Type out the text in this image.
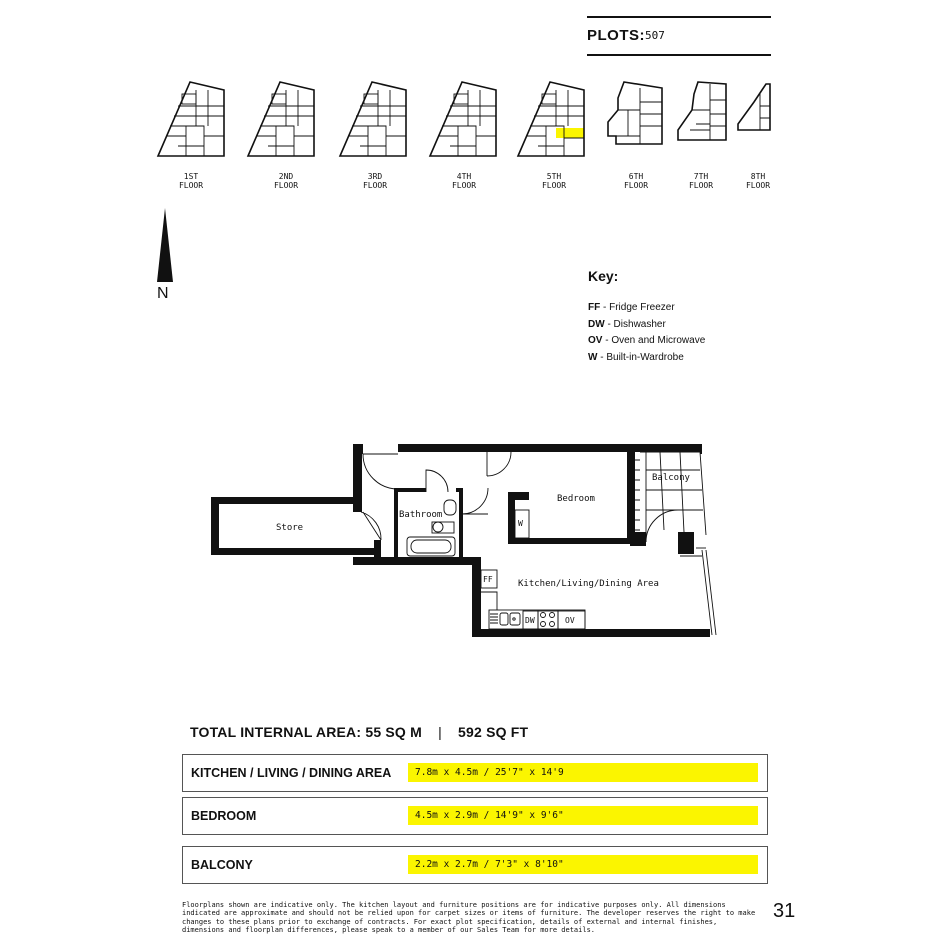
PLOTS: 507
1ST
FLOOR
2ND
FLOOR
3RD
FLOOR
4TH
FLOOR
5TH
FLOOR
6TH
FLOOR
7TH
FLOOR
8TH
FLOOR
N
Key:
FF - Fridge Freezer
DW - Dishwasher
OV - Oven and Microwave
W - Built-in-Wardrobe
Store
Bathroom
Bedroom
Balcony
Kitchen/Living/Dining Area
FF
W
DW	OV
TOTAL INTERNAL AREA: 55 SQ M | 592 SQ FT
KITCHEN / LIVING / DINING AREA	7.8m x 4.5m / 25'7" x 14'9
BEDROOM	4.5m x 2.9m / 14'9" x 9'6"
BALCONY	2.2m x 2.7m / 7'3" x 8'10"
Floorplans shown are indicative only. The kitchen layout and furniture positions are for indicative purposes only. All dimensions indicated are approximate and should not be relied upon for carpet sizes or items of furniture. The developer reserves the right to make changes to these plans prior to exchange of contracts. For exact plot specification, details of external and internal finishes, dimensions and floorplan differences, please speak to a member of our Sales Team for more details.
31
